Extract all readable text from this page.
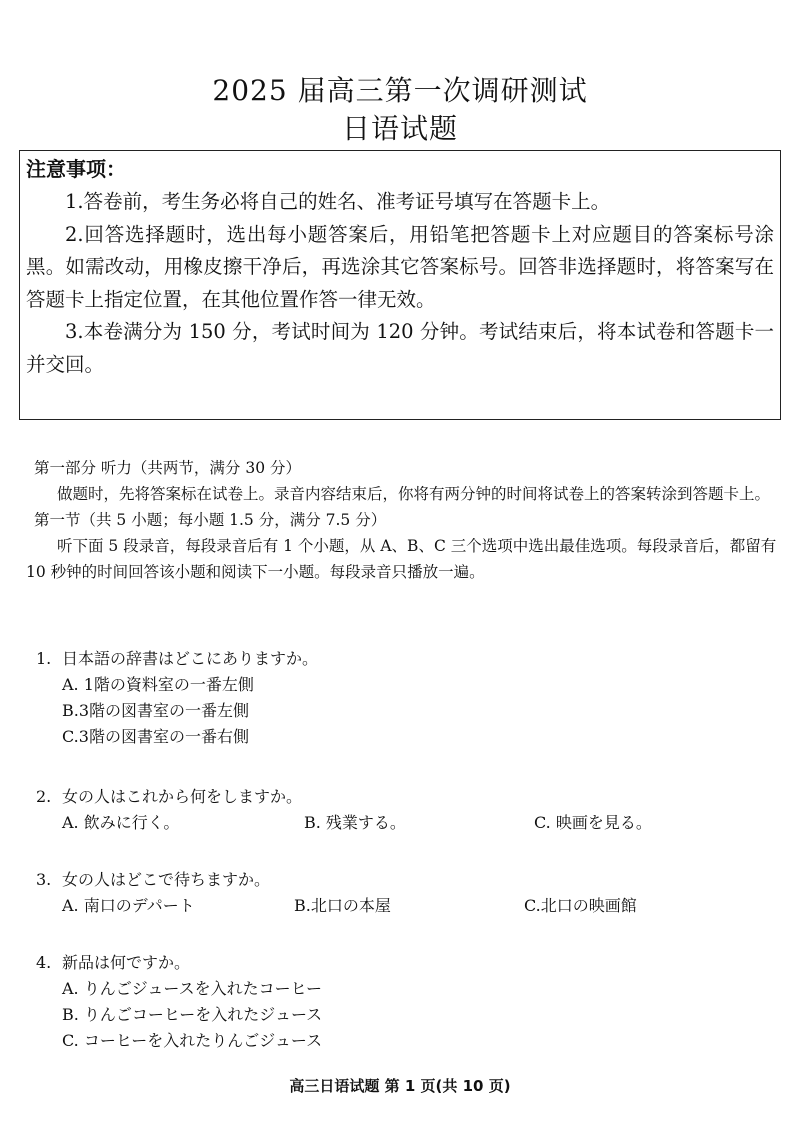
2025 届高三第一次调研测试
日语试题
注意事项：

1.答卷前，考生务必将自己的姓名、准考证号填写在答题卡上。

2.回答选择题时，选出每小题答案后，用铅笔把答题卡上对应题目的答案标号涂黑。如需改动，用橡皮擦干净后，再选涂其它答案标号。回答非选择题时，将答案写在答题卡上指定位置，在其他位置作答一律无效。

3.本卷满分为 150 分，考试时间为 120 分钟。考试结束后，将本试卷和答题卡一并交回。

第一部分 听力（共两节，满分 30 分）

做题时，先将答案标在试卷上。录音内容结束后，你将有两分钟的时间将试卷上的答案转涂到答题卡上。

第一节（共 5 小题；每小题 1.5 分，满分 7.5 分）

听下面 5 段录音，每段录音后有 1 个小题，从 A、B、C 三个选项中选出最佳选项。每段录音后，都留有 10 秒钟的时间回答该小题和阅读下一小题。每段录音只播放一遍。

1. 日本語の辞書はどこにありますか。

A. 1階の資料室の一番左側

B.3階の図書室の一番左側

C.3階の図書室の一番右側

2. 女の人はこれから何をしますか。

A. 飲みに行く。	B. 残業する。	C. 映画を見る。

3. 女の人はどこで待ちますか。

A. 南口のデパート	B.北口の本屋	C.北口の映画館

4. 新品は何ですか。

A. りんごジュースを入れたコーヒー

B. りんごコーヒーを入れたジュース

C. コーヒーを入れたりんごジュース

高三日语试题 第 1 页(共 10 页)
